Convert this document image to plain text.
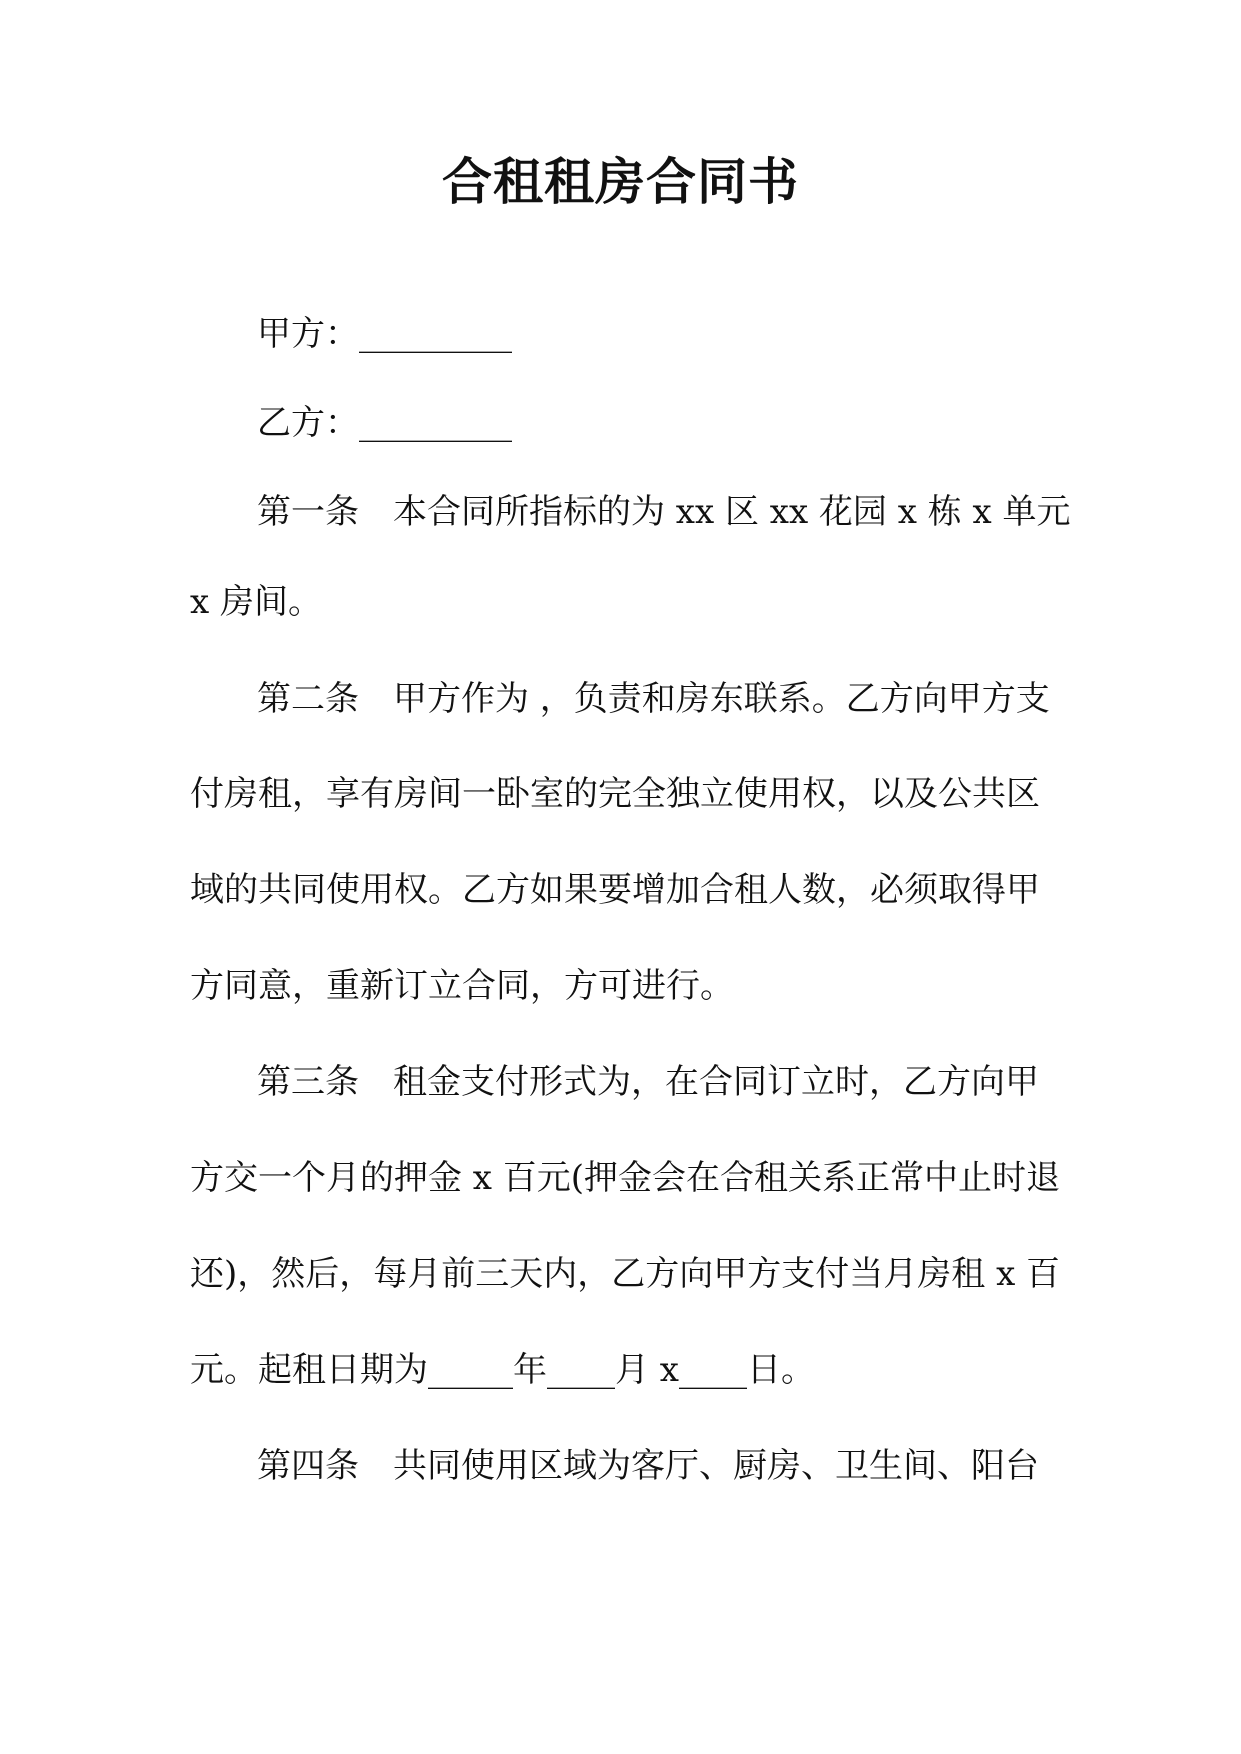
合租租房合同书

甲方：_________

乙方：_________

第一条　本合同所指标的为 xx 区 xx 花园 x 栋 x 单元

x 房间。

第二条　甲方作为 ，负责和房东联系。乙方向甲方支

付房租，享有房间一卧室的完全独立使用权，以及公共区

域的共同使用权。乙方如果要增加合租人数，必须取得甲

方同意，重新订立合同，方可进行。

第三条　租金支付形式为，在合同订立时，乙方向甲

方交一个月的押金 x 百元(押金会在合租关系正常中止时退

还)，然后，每月前三天内，乙方向甲方支付当月房租 x 百

元。起租日期为_____年____月 x____日。

第四条　共同使用区域为客厅、厨房、卫生间、阳台
